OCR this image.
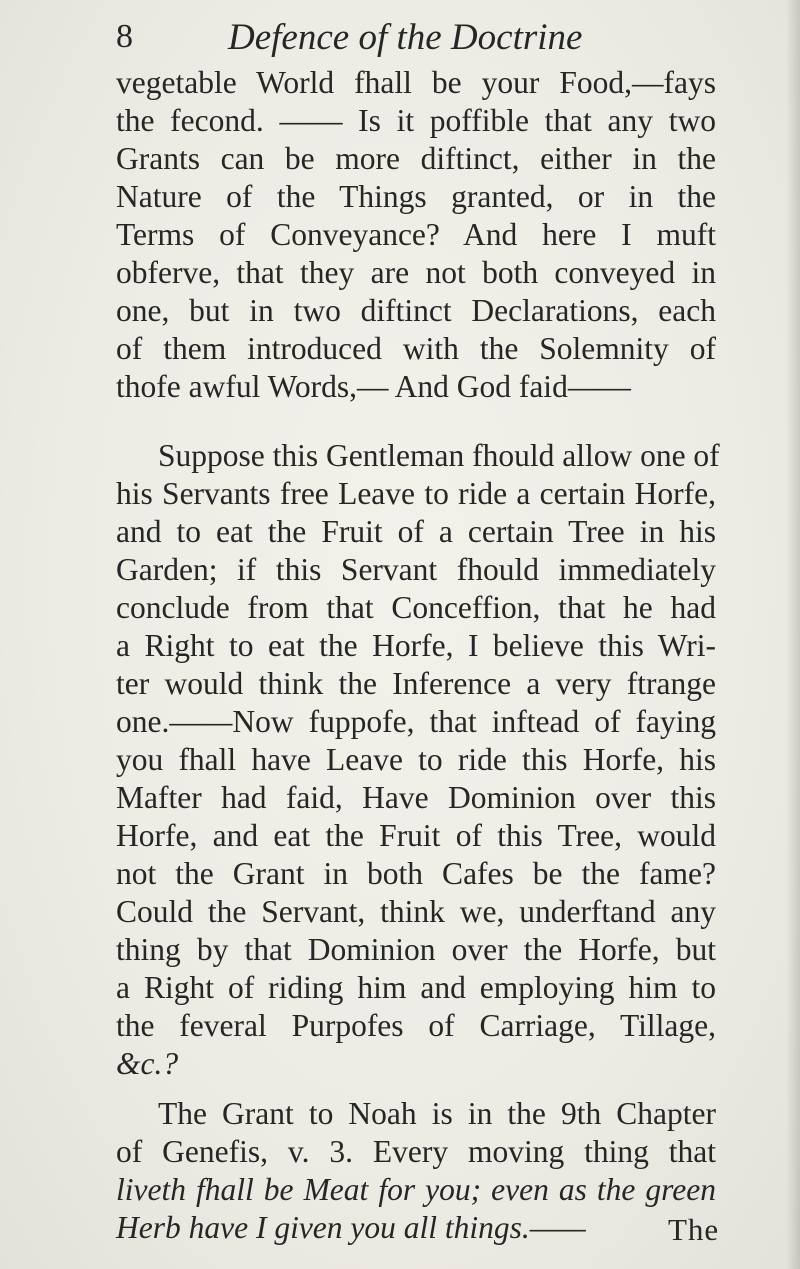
8	Defence of the Doctrine
vegetable World fhall be your Food,—fays
the fecond. —— Is it poffible that any two
Grants can be more diftinct, either in the
Nature of the Things granted, or in the
Terms of Conveyance? And here I muft
obferve, that they are not both conveyed in
one, but in two diftinct Declarations, each
of them introduced with the Solemnity of
thofe awful Words,— And God faid——
Suppose this Gentleman fhould allow one of
his Servants free Leave to ride a certain Horfe,
and to eat the Fruit of a certain Tree in his
Garden; if this Servant fhould immediately
conclude from that Conceffion, that he had
a Right to eat the Horfe, I believe this Wri-
ter would think the Inference a very ftrange
one.——Now fuppofe, that inftead of faying
you fhall have Leave to ride this Horfe, his
Mafter had faid, Have Dominion over this
Horfe, and eat the Fruit of this Tree, would
not the Grant in both Cafes be the fame?
Could the Servant, think we, underftand any
thing by that Dominion over the Horfe, but
a Right of riding him and employing him to
the feveral Purpofes of Carriage, Tillage,
&c.?
The Grant to Noah is in the 9th Chapter
of Genefis, v. 3. Every moving thing that
liveth fhall be Meat for you; even as the green
Herb have I given you all things.——	The
